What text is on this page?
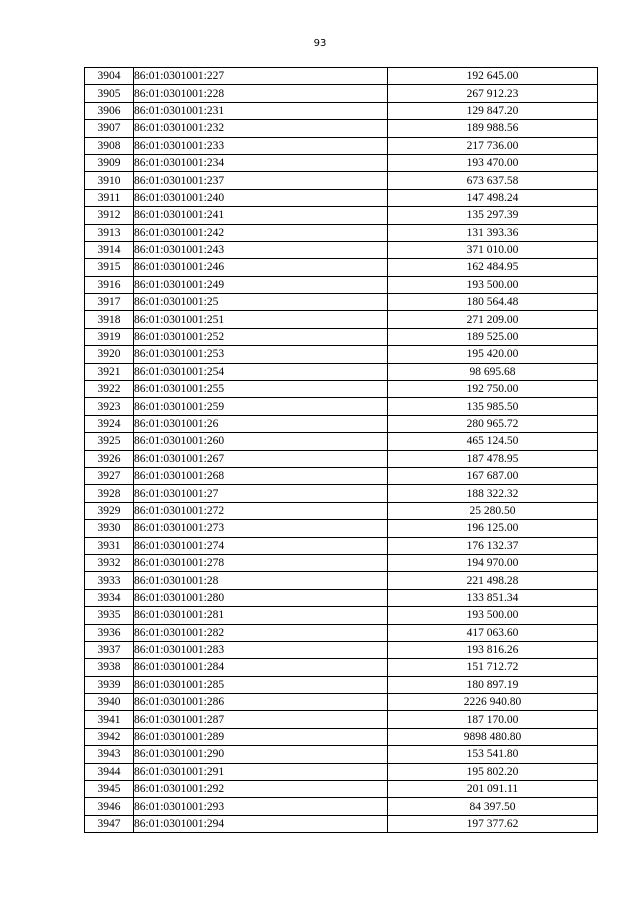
93
3904	86:01:0301001:227	192 645.00
3905	86:01:0301001:228	267 912.23
3906	86:01:0301001:231	129 847.20
3907	86:01:0301001:232	189 988.56
3908	86:01:0301001:233	217 736.00
3909	86:01:0301001:234	193 470.00
3910	86:01:0301001:237	673 637.58
3911	86:01:0301001:240	147 498.24
3912	86:01:0301001:241	135 297.39
3913	86:01:0301001:242	131 393.36
3914	86:01:0301001:243	371 010.00
3915	86:01:0301001:246	162 484.95
3916	86:01:0301001:249	193 500.00
3917	86:01:0301001:25	180 564.48
3918	86:01:0301001:251	271 209.00
3919	86:01:0301001:252	189 525.00
3920	86:01:0301001:253	195 420.00
3921	86:01:0301001:254	98 695.68
3922	86:01:0301001:255	192 750.00
3923	86:01:0301001:259	135 985.50
3924	86:01:0301001:26	280 965.72
3925	86:01:0301001:260	465 124.50
3926	86:01:0301001:267	187 478.95
3927	86:01:0301001:268	167 687.00
3928	86:01:0301001:27	188 322.32
3929	86:01:0301001:272	25 280.50
3930	86:01:0301001:273	196 125.00
3931	86:01:0301001:274	176 132.37
3932	86:01:0301001:278	194 970.00
3933	86:01:0301001:28	221 498.28
3934	86:01:0301001:280	133 851.34
3935	86:01:0301001:281	193 500.00
3936	86:01:0301001:282	417 063.60
3937	86:01:0301001:283	193 816.26
3938	86:01:0301001:284	151 712.72
3939	86:01:0301001:285	180 897.19
3940	86:01:0301001:286	2226 940.80
3941	86:01:0301001:287	187 170.00
3942	86:01:0301001:289	9898 480.80
3943	86:01:0301001:290	153 541.80
3944	86:01:0301001:291	195 802.20
3945	86:01:0301001:292	201 091.11
3946	86:01:0301001:293	84 397.50
3947	86:01:0301001:294	197 377.62
